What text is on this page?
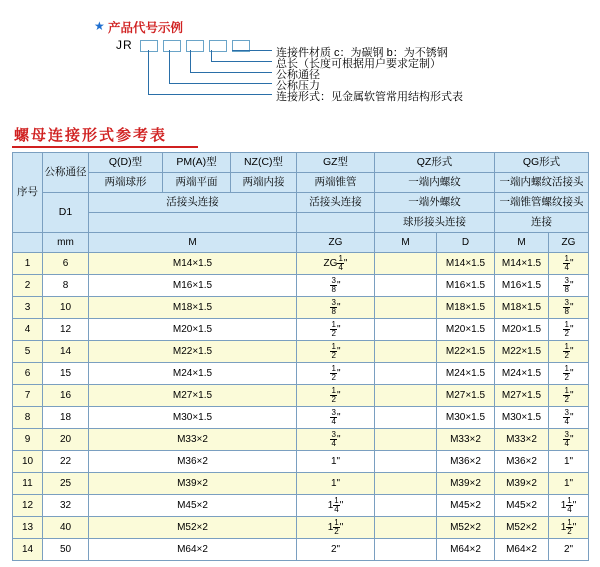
★ 产品代号示例
JR
连接件材质 c：为碳钢 b：为不锈钢
总长（长度可根据用户要求定制）
公称通径
公称压力
连接形式：见金属软管常用结构形式表
螺母连接形式参考表
序号	公称通径	Q(D)型	PM(A)型	NZ(C)型	GZ型	QZ形式		QG形式	
		两端球形	两端平面	两端内接	两端锥管	一端内螺纹		一端内螺纹活接头	
	D1	活接头连接			活接头连接	一端外螺纹		一端锥管螺纹接头	
						球形接头连接		连接	
	mm	M			ZG	M	D	M	ZG
1	6	M14×1.5			ZG $\frac{1}{4}$ "		M14×1.5	M14×1.5	$\frac{1}{4}$ "
2	8	M16×1.5			$\frac{3}{8}$ "		M16×1.5	M16×1.5	$\frac{3}{8}$ "
3	10	M18×1.5			$\frac{3}{8}$ "		M18×1.5	M18×1.5	$\frac{3}{8}$ "
4	12	M20×1.5			$\frac{1}{2}$ "		M20×1.5	M20×1.5	$\frac{1}{2}$ "
5	14	M22×1.5			$\frac{1}{2}$ "		M22×1.5	M22×1.5	$\frac{1}{2}$ "
6	15	M24×1.5			$\frac{1}{2}$ "		M24×1.5	M24×1.5	$\frac{1}{2}$ "
7	16	M27×1.5			$\frac{1}{2}$ "		M27×1.5	M27×1.5	$\frac{1}{2}$ "
8	18	M30×1.5			$\frac{3}{4}$ "		M30×1.5	M30×1.5	$\frac{3}{4}$ "
9	20	M33×2			$\frac{3}{4}$ "		M33×2	M33×2	$\frac{3}{4}$ "
10	22	M36×2			1"		M36×2	M36×2	1"
11	25	M39×2			1"		M39×2	M39×2	1"
12	32	M45×2			$1 \frac{1}{4}$ "		M45×2	M45×2	$1 \frac{1}{4}$ "
13	40	M52×2			$1 \frac{1}{2}$ "		M52×2	M52×2	$1 \frac{1}{2}$ "
14	50	M64×2			2"		M64×2	M64×2	2"
